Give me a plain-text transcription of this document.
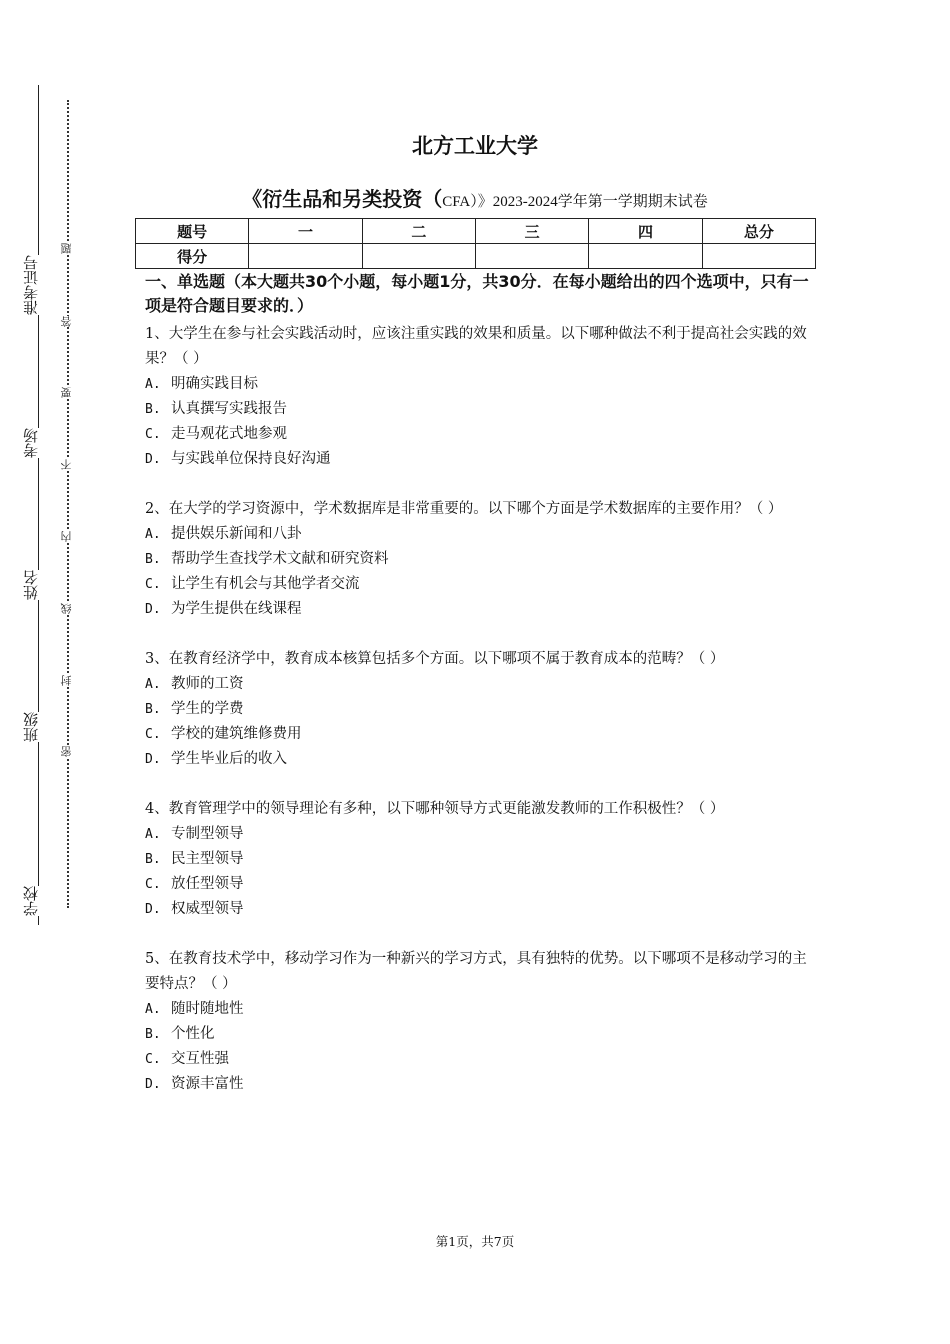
准考证号
考场
姓名
班级
学校
题
答
要
不
内
线
封
密
北方工业大学
《衍生品和另类投资（CFA）》2023-2024学年第一学期期末试卷
题号	一	二	三	四	总分
得分					
一、单选题（本大题共30个小题，每小题1分，共30分．在每小题给出的四个选项中，只有一项是符合题目要求的．）
1、大学生在参与社会实践活动时，应该注重实践的效果和质量。以下哪种做法不利于提高社会实践的效果？（ ）
A. 明确实践目标
B. 认真撰写实践报告
C. 走马观花式地参观
D. 与实践单位保持良好沟通
2、在大学的学习资源中，学术数据库是非常重要的。以下哪个方面是学术数据库的主要作用？（ ）
A. 提供娱乐新闻和八卦
B. 帮助学生查找学术文献和研究资料
C. 让学生有机会与其他学者交流
D. 为学生提供在线课程
3、在教育经济学中，教育成本核算包括多个方面。以下哪项不属于教育成本的范畴？（ ）
A. 教师的工资
B. 学生的学费
C. 学校的建筑维修费用
D. 学生毕业后的收入
4、教育管理学中的领导理论有多种，以下哪种领导方式更能激发教师的工作积极性？（ ）
A. 专制型领导
B. 民主型领导
C. 放任型领导
D. 权威型领导
5、在教育技术学中，移动学习作为一种新兴的学习方式，具有独特的优势。以下哪项不是移动学习的主要特点？（ ）
A. 随时随地性
B. 个性化
C. 交互性强
D. 资源丰富性
第1页，共7页
